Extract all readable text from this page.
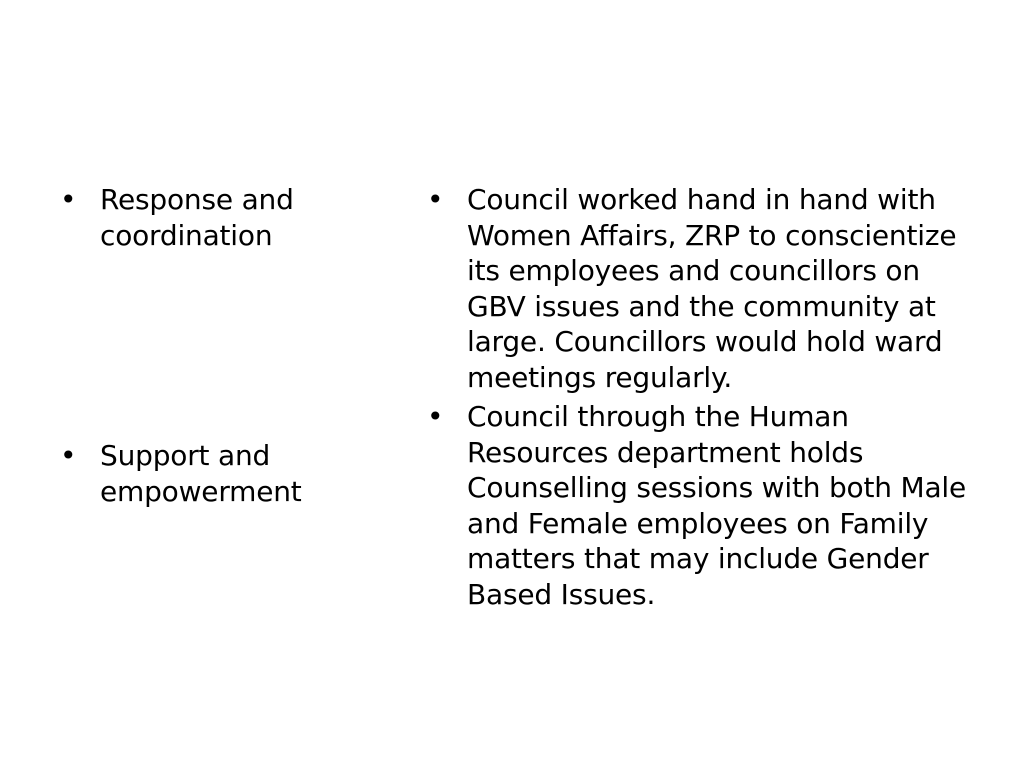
• Response and coordination
• Support and empowerment
• Council worked hand in hand with Women Affairs, ZRP to conscientize its employees and councillors on GBV issues and the community at large. Councillors would hold ward meetings regularly.
• Council through the Human Resources department holds Counselling sessions with both Male and Female employees on Family matters that may include Gender Based Issues.
